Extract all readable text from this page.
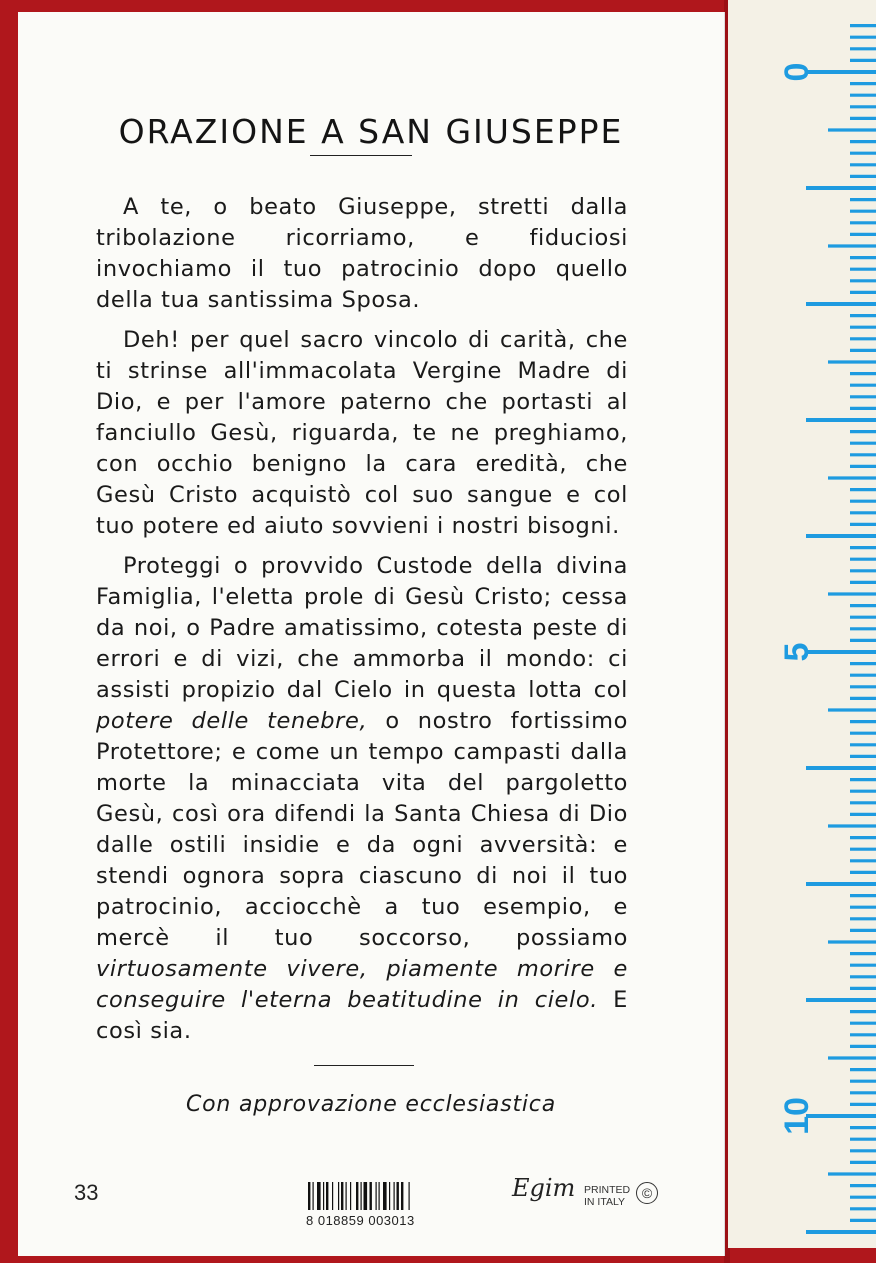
ORAZIONE A SAN GIUSEPPE

A te, o beato Giuseppe, stretti dalla tribolazione ricorriamo, e fiduciosi invochiamo il tuo patrocinio dopo quello della tua santissima Sposa.

Deh! per quel sacro vincolo di carità, che ti strinse all'immacolata Vergine Madre di Dio, e per l'amore paterno che portasti al fanciullo Gesù, riguarda, te ne preghiamo, con occhio benigno la cara eredità, che Gesù Cristo acquistò col suo sangue e col tuo potere ed aiuto sovvieni i nostri bisogni.

Proteggi o provvido Custode della divina Famiglia, l'eletta prole di Gesù Cristo; cessa da noi, o Padre amatissimo, cotesta peste di errori e di vizi, che ammorba il mondo: ci assisti propizio dal Cielo in questa lotta col potere delle tenebre, o nostro fortissimo Protettore; e come un tempo campasti dalla morte la minacciata vita del pargoletto Gesù, così ora difendi la Santa Chiesa di Dio dalle ostili insidie e da ogni avversità: e stendi ognora sopra ciascuno di noi il tuo patrocinio, acciocchè a tuo esempio, e mercè il tuo soccorso, possiamo virtuosamente vivere, piamente morire e conseguire l'eterna beatitudine in cielo. E così sia.

Con approvazione ecclesiastica
33
8 018859 003013
Egim PRINTED IN ITALY
©
10
5
0
